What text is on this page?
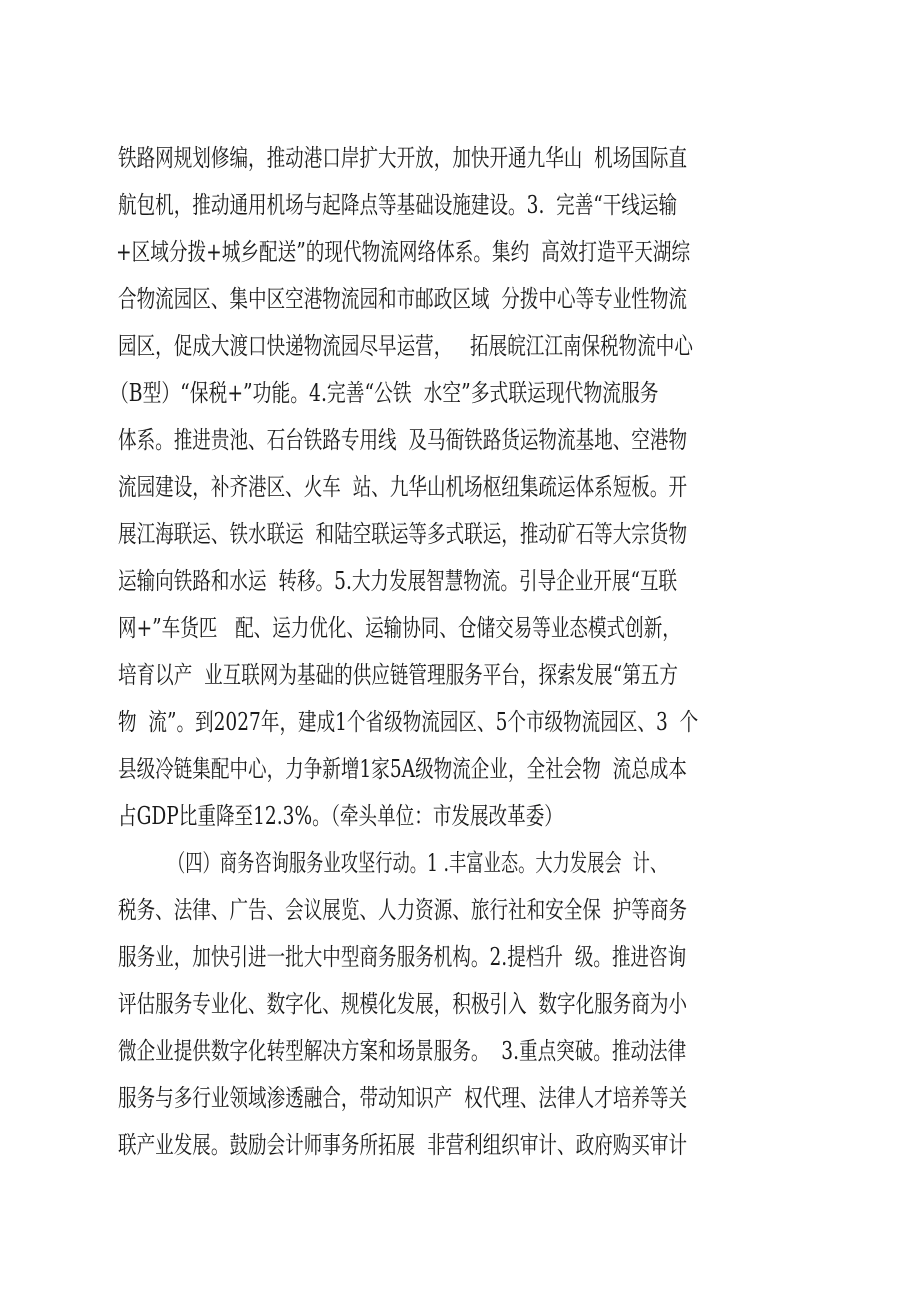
铁路网规划修编，推动港口岸扩大开放，加快开通九华山  机场国际直
航包机，推动通用机场与起降点等基础设施建设。3.  完善“干线运输
+区域分拨+城乡配送”的现代物流网络体系。集约  高效打造平天湖综
合物流园区、集中区空港物流园和市邮政区域  分拨中心等专业性物流
园区，促成大渡口快递物流园尽早运营，   拓展皖江江南保税物流中心
（B型）“保税+”功能。4.完善“公铁  水空”多式联运现代物流服务
体系。推进贵池、石台铁路专用线  及马衙铁路货运物流基地、空港物
流园建设，补齐港区、火车  站、九华山机场枢纽集疏运体系短板。开
展江海联运、铁水联运  和陆空联运等多式联运，推动矿石等大宗货物
运输向铁路和水运  转移。5.大力发展智慧物流。引导企业开展“互联
网+”车货匹   配、运力优化、运输协同、仓储交易等业态模式创新，
培育以产  业互联网为基础的供应链管理服务平台，探索发展“第五方
物  流”。到2027年，建成1个省级物流园区、5个市级物流园区、3  个
县级冷链集配中心，力争新增1家5A级物流企业，全社会物  流总成本
占GDP比重降至12.3%。（牵头单位：市发展改革委）
（四）商务咨询服务业攻坚行动。1 .丰富业态。大力发展会  计、
税务、法律、广告、会议展览、人力资源、旅行社和安全保  护等商务
服务业，加快引进一批大中型商务服务机构。2.提档升  级。推进咨询
评估服务专业化、数字化、规模化发展，积极引入  数字化服务商为小
微企业提供数字化转型解决方案和场景服务。  3.重点突破。推动法律
服务与多行业领域渗透融合，带动知识产  权代理、法律人才培养等关
联产业发展。鼓励会计师事务所拓展  非营利组织审计、政府购买审计
